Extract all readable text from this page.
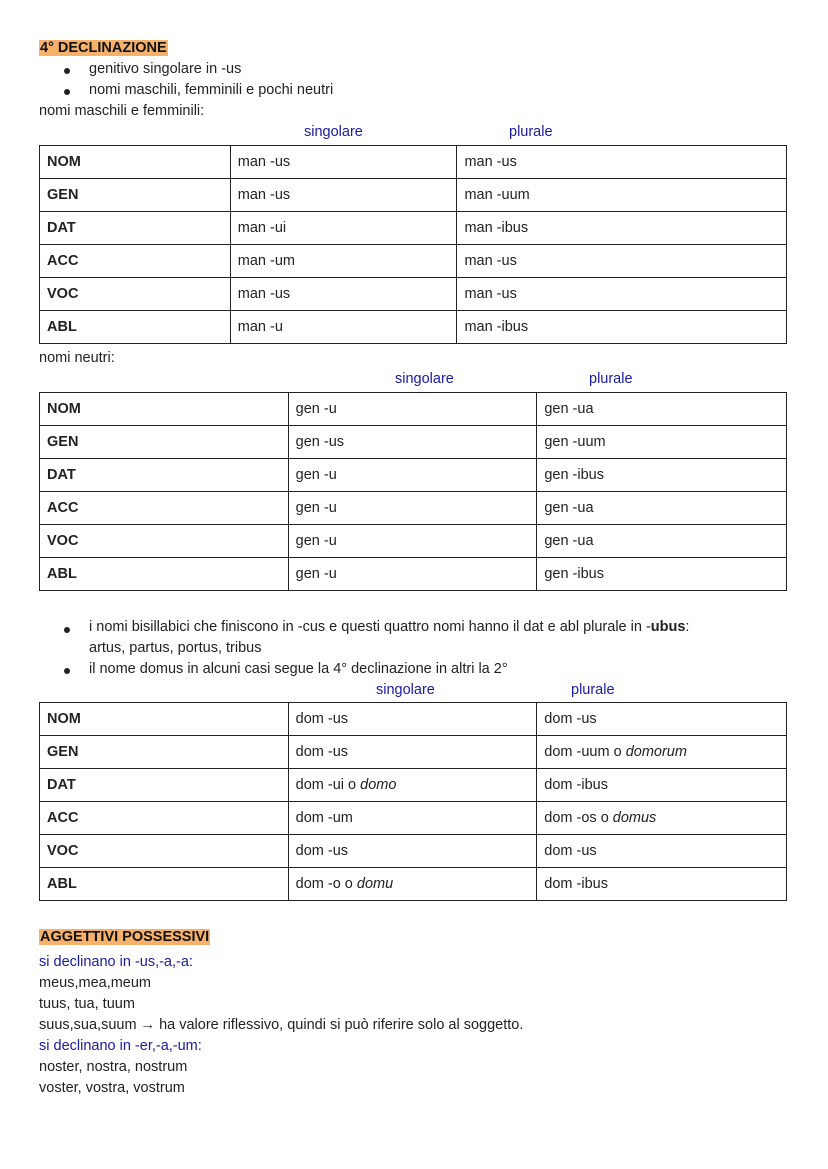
4° DECLINAZIONE
genitivo singolare in -us
nomi maschili, femminili e pochi neutri
nomi maschili e femminili:
singolare	plurale
NOM	man -us	man -us
GEN	man -us	man -uum
DAT	man -ui	man -ibus
ACC	man -um	man -us
VOC	man -us	man -us
ABL	man -u	man -ibus
nomi neutri:
singolare	plurale
NOM	gen -u	gen -ua
GEN	gen -us	gen -uum
DAT	gen -u	gen -ibus
ACC	gen -u	gen -ua
VOC	gen -u	gen -ua
ABL	gen -u	gen -ibus
i nomi bisillabici che finiscono in -cus e questi quattro nomi hanno il dat e abl plurale in -ubus:
artus, partus, portus, tribus
il nome domus in alcuni casi segue la 4° declinazione in altri la 2°
singolare	plurale
NOM	dom -us	dom -us
GEN	dom -us	dom -uum o domorum
DAT	dom -ui o domo	dom -ibus
ACC	dom -um	dom -os o domus
VOC	dom -us	dom -us
ABL	dom -o o domu	dom -ibus
AGGETTIVI POSSESSIVI
si declinano in -us,-a,-a:
meus,mea,meum
tuus, tua, tuum
suus,sua,suum → ha valore riflessivo, quindi si può riferire solo al soggetto.
si declinano in -er,-a,-um:
noster, nostra, nostrum
voster, vostra, vostrum
